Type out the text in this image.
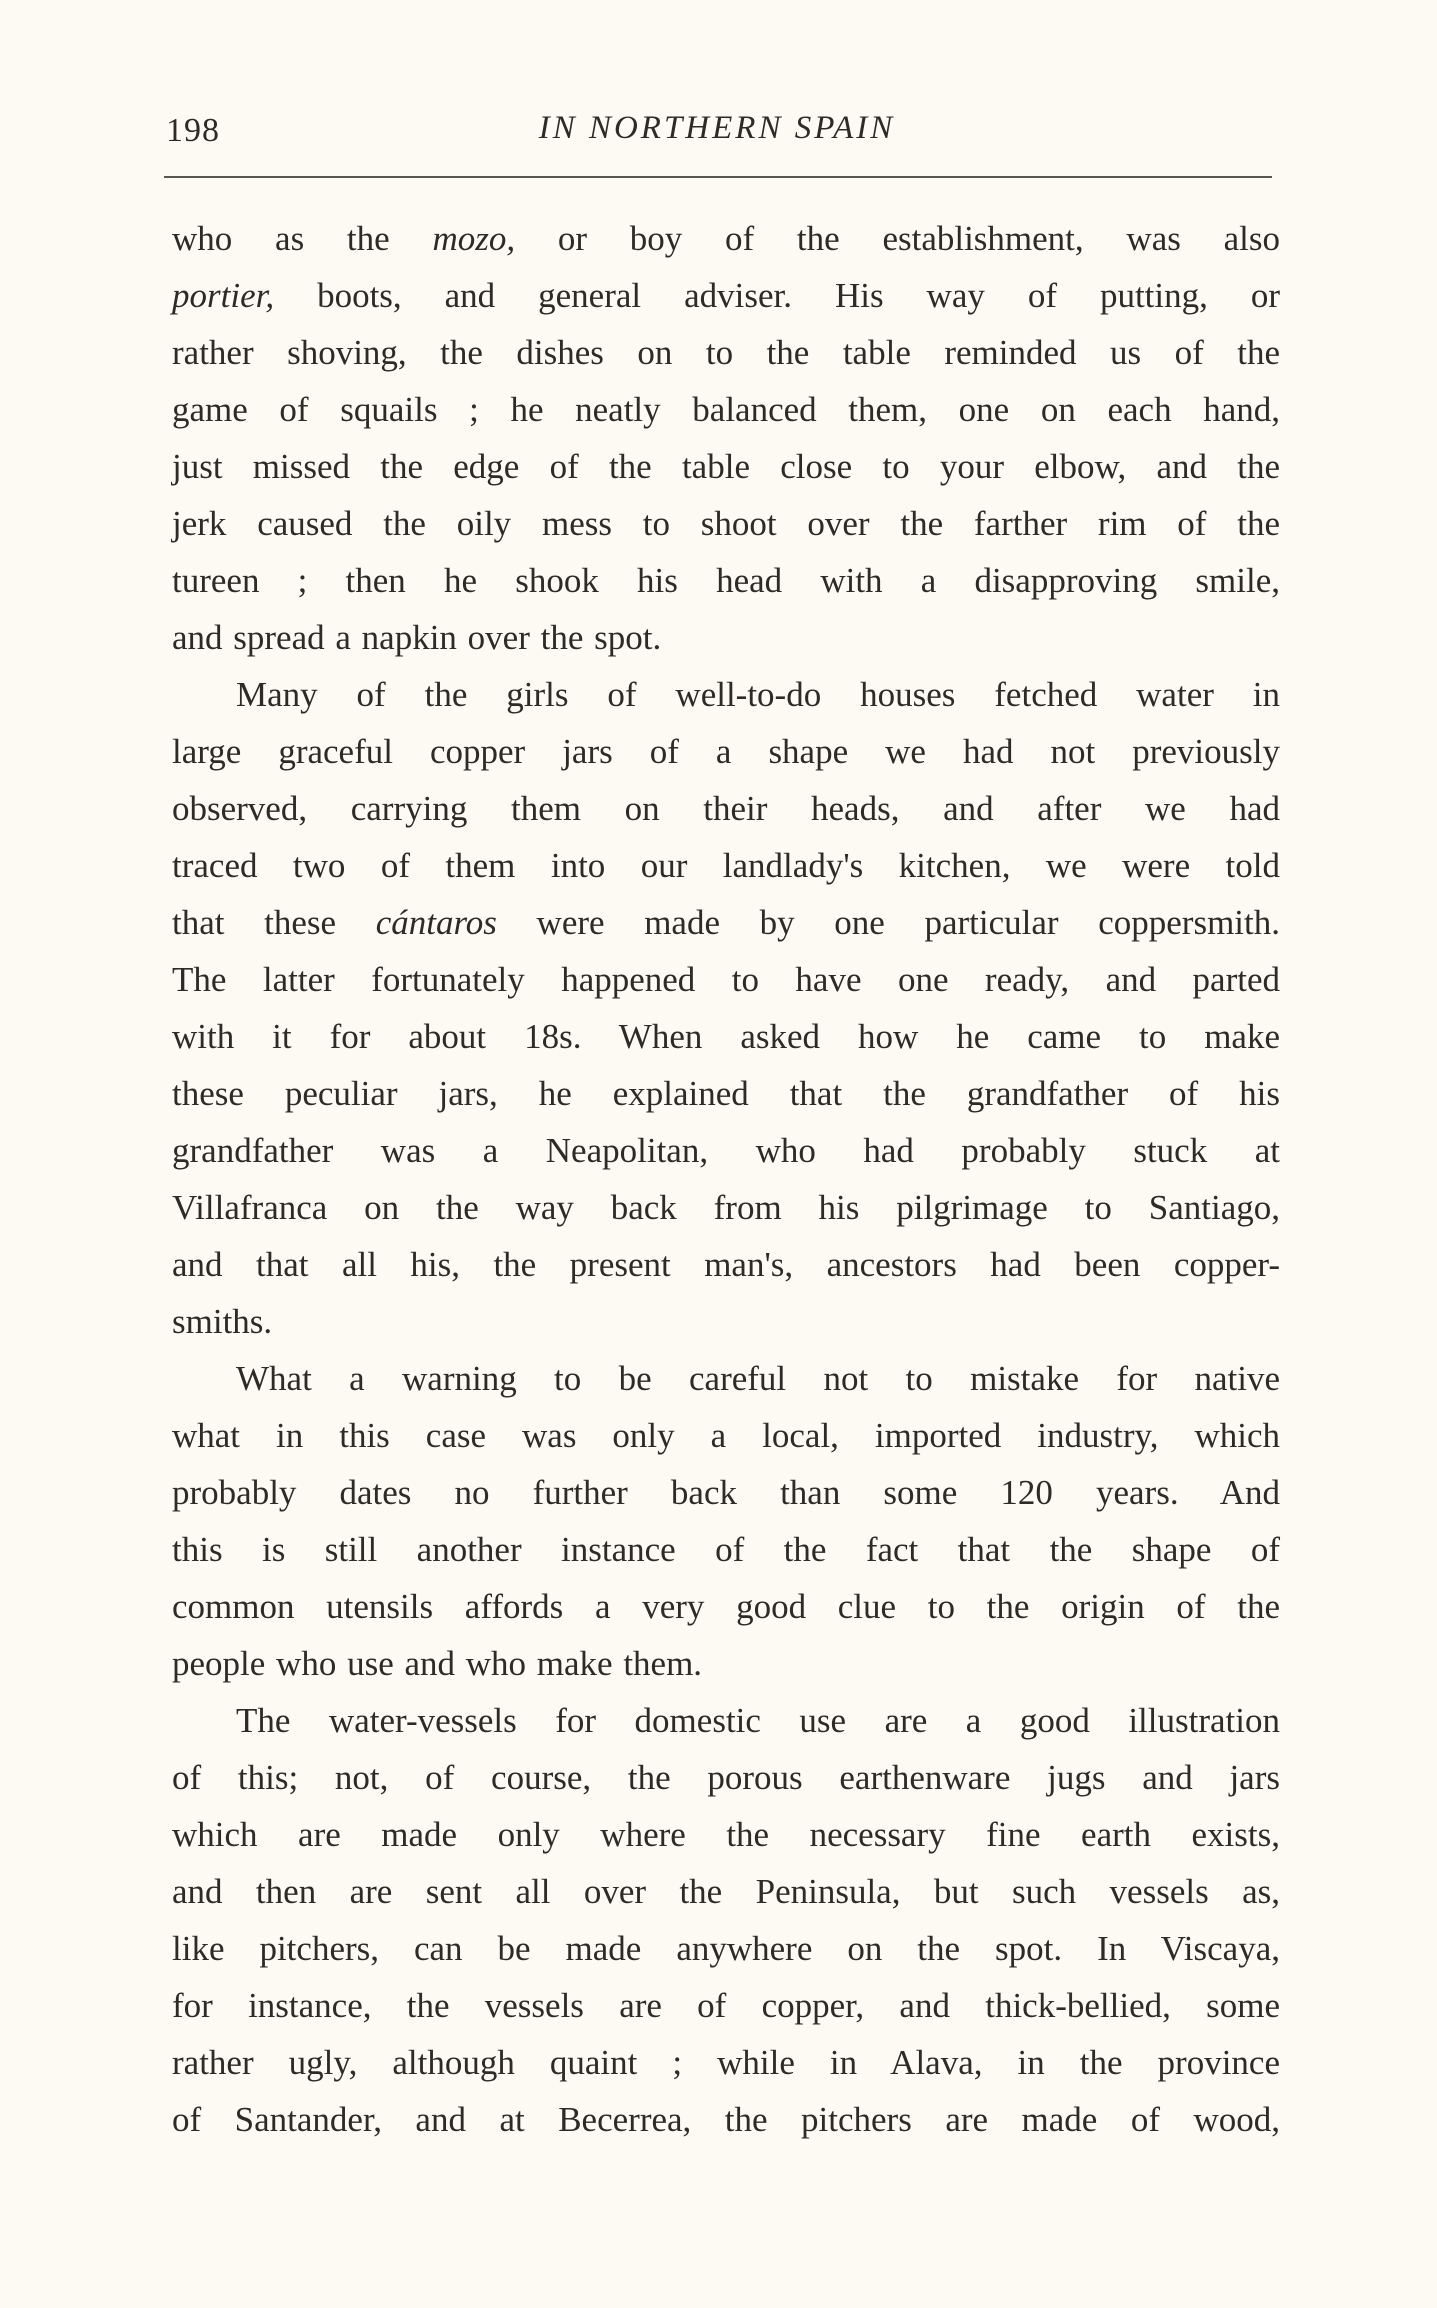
198	IN NORTHERN SPAIN
who as the mozo, or boy of the establishment, was also
portier, boots, and general adviser. His way of putting, or
rather shoving, the dishes on to the table reminded us of the
game of squails ; he neatly balanced them, one on each hand,
just missed the edge of the table close to your elbow, and the
jerk caused the oily mess to shoot over the farther rim of the
tureen ; then he shook his head with a disapproving smile,
and spread a napkin over the spot.
Many of the girls of well-to-do houses fetched water in
large graceful copper jars of a shape we had not previously
observed, carrying them on their heads, and after we had
traced two of them into our landlady's kitchen, we were told
that these cántaros were made by one particular coppersmith.
The latter fortunately happened to have one ready, and parted
with it for about 18s. When asked how he came to make
these peculiar jars, he explained that the grandfather of his
grandfather was a Neapolitan, who had probably stuck at
Villafranca on the way back from his pilgrimage to Santiago,
and that all his, the present man's, ancestors had been copper-
smiths.
What a warning to be careful not to mistake for native
what in this case was only a local, imported industry, which
probably dates no further back than some 120 years. And
this is still another instance of the fact that the shape of
common utensils affords a very good clue to the origin of the
people who use and who make them.
The water-vessels for domestic use are a good illustration
of this; not, of course, the porous earthenware jugs and jars
which are made only where the necessary fine earth exists,
and then are sent all over the Peninsula, but such vessels as,
like pitchers, can be made anywhere on the spot. In Viscaya,
for instance, the vessels are of copper, and thick-bellied, some
rather ugly, although quaint ; while in Alava, in the province
of Santander, and at Becerrea, the pitchers are made of wood,
